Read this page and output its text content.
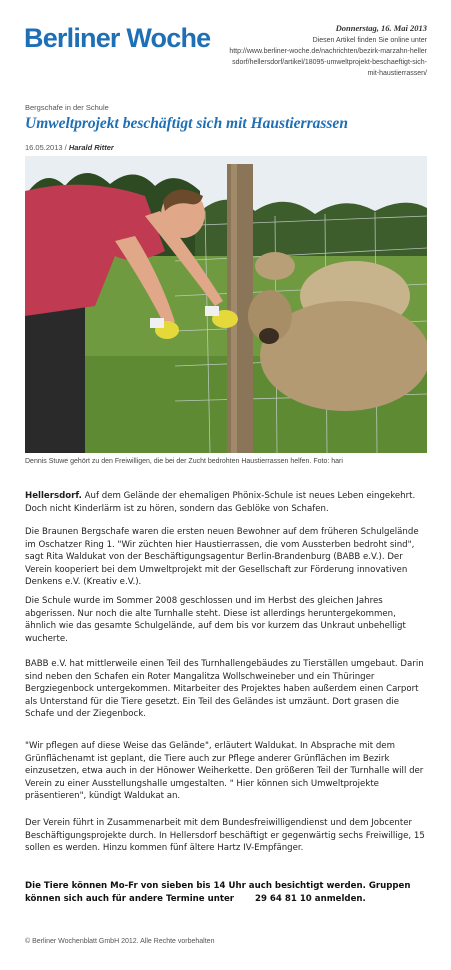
Berliner Woche	Donnerstag, 16. Mai 2013
Diesen Artikel finden Sie online unter
http://www.berliner-woche.de/nachrichten/bezirk-marzahn-hellersdorf/hellersdorf/artikel/18095-umweltprojekt-beschaeftigt-sich-mit-haustierrassen/
Bergschafe in der Schule
Umweltprojekt beschäftigt sich mit Haustierrassen
16.05.2013 / Harald Ritter
Dennis Stuwe gehört zu den Freiwilligen, die bei der Zucht bedrohten Haustierrassen helfen. Foto: hari

Hellersdorf. Auf dem Gelände der ehemaligen Phönix-Schule ist neues Leben eingekehrt. Doch nicht Kinderlärm ist zu hören, sondern das Geblöke von Schafen.

Die Braunen Bergschafe waren die ersten neuen Bewohner auf dem früheren Schulgelände im Oschatzer Ring 1. "Wir züchten hier Haustierrassen, die vom Aussterben bedroht sind", sagt Rita Waldukat von der Beschäftigungsagentur Berlin-Brandenburg (BABB e.V.). Der Verein kooperiert bei dem Umweltprojekt mit der Gesellschaft zur Förderung innovativen Denkens e.V. (Kreativ e.V.).

Die Schule wurde im Sommer 2008 geschlossen und im Herbst des gleichen Jahres abgerissen. Nur noch die alte Turnhalle steht. Diese ist allerdings heruntergekommen, ähnlich wie das gesamte Schulgelände, auf dem bis vor kurzem das Unkraut unbehelligt wucherte.

BABB e.V. hat mittlerweile einen Teil des Turnhallengebäudes zu Tierställen umgebaut. Darin sind neben den Schafen ein Roter Mangalitza Wollschweineber und ein Thüringer Bergziegenbock untergekommen. Mitarbeiter des Projektes haben außerdem einen Carport als Unterstand für die Tiere gesetzt. Ein Teil des Geländes ist umzäunt. Dort grasen die Schafe und der Ziegenbock.

"Wir pflegen auf diese Weise das Gelände", erläutert Waldukat. In Absprache mit dem Grünflächenamt ist geplant, die Tiere auch zur Pflege anderer Grünflächen im Bezirk einzusetzen, etwa auch in der Hönower Weiherkette. Den größeren Teil der Turnhalle will der Verein zu einer Ausstellungshalle umgestalten. " Hier können sich Umweltprojekte präsentieren", kündigt Waldukat an.

Der Verein führt in Zusammenarbeit mit dem Bundesfreiwilligendienst und dem Jobcenter Beschäftigungsprojekte durch. In Hellersdorf beschäftigt er gegenwärtig sechs Freiwillige, 15 sollen es werden. Hinzu kommen fünf ältere Hartz IV-Empfänger.

Die Tiere können Mo-Fr von sieben bis 14 Uhr auch besichtigt werden. Gruppen können sich auch für andere Termine unter       29 64 81 10 anmelden.

© Berliner Wochenblatt GmbH 2012. Alle Rechte vorbehalten
